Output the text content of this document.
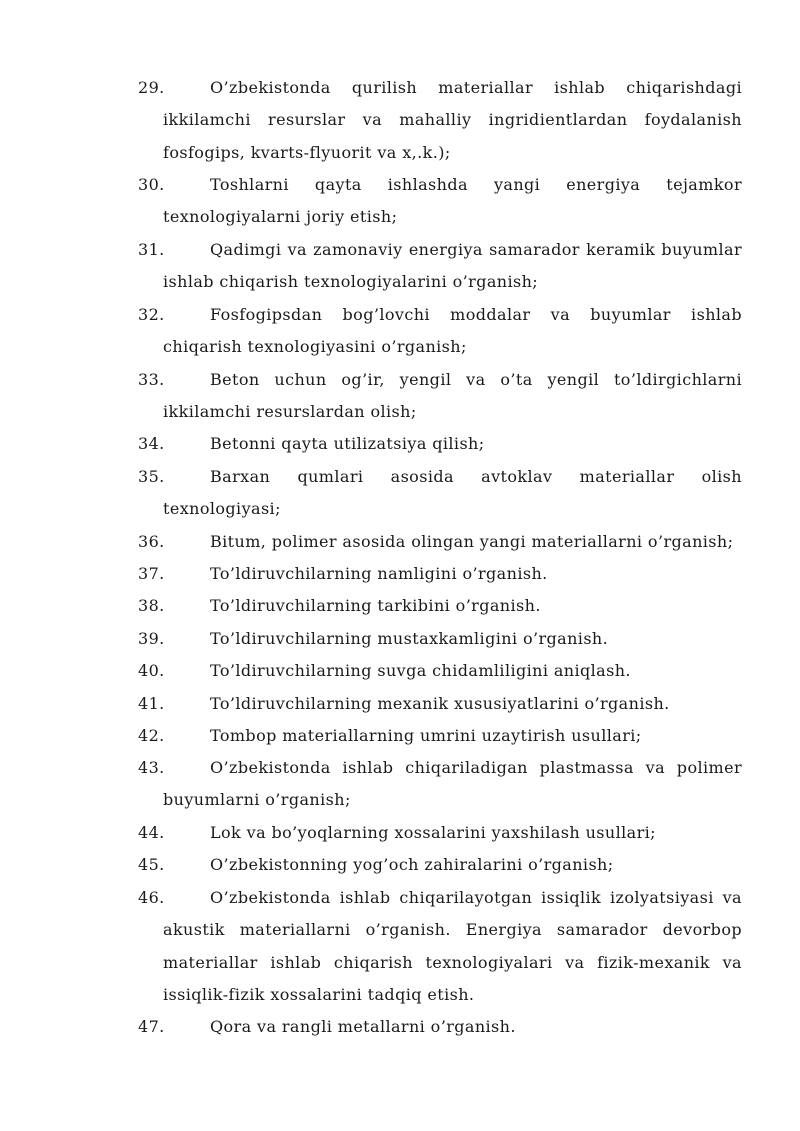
29.	O’zbekistonda qurilish materiallar ishlab chiqarishdagi
ikkilamchi resurslar va mahalliy ingridientlardan foydalanish
fosfogips, kvarts-flyuorit va x,.k.);
30.	Toshlarni qayta ishlashda yangi energiya tejamkor
texnologiyalarni joriy etish;
31.	Qadimgi va zamonaviy energiya samarador keramik buyumlar
ishlab chiqarish texnologiyalarini o’rganish;
32.	Fosfogipsdan bog’lovchi moddalar va buyumlar ishlab
chiqarish texnologiyasini o’rganish;
33.	Beton uchun og’ir, yengil va o’ta yengil to’ldirgichlarni
ikkilamchi resurslardan olish;
34.	Betonni qayta utilizatsiya qilish;
35.	Barxan qumlari asosida avtoklav materiallar olish
texnologiyasi;
36.	Bitum, polimer asosida olingan yangi materiallarni o’rganish;
37.	To’ldiruvchilarning namligini o’rganish.
38.	To’ldiruvchilarning tarkibini o’rganish.
39.	To’ldiruvchilarning mustaxkamligini o’rganish.
40.	To’ldiruvchilarning suvga chidamliligini aniqlash.
41.	To’ldiruvchilarning mexanik xususiyatlarini o’rganish.
42.	Tombop materiallarning umrini uzaytirish usullari;
43.	O’zbekistonda ishlab chiqariladigan plastmassa va polimer
buyumlarni o’rganish;
44.	Lok va bo’yoqlarning xossalarini yaxshilash usullari;
45.	O’zbekistonning yog’och zahiralarini o’rganish;
46.	O’zbekistonda ishlab chiqarilayotgan issiqlik izolyatsiyasi va
akustik materiallarni o’rganish. Energiya samarador devorbop
materiallar ishlab chiqarish texnologiyalari va fizik-mexanik va
issiqlik-fizik xossalarini tadqiq etish.
47.	Qora va rangli metallarni o’rganish.
